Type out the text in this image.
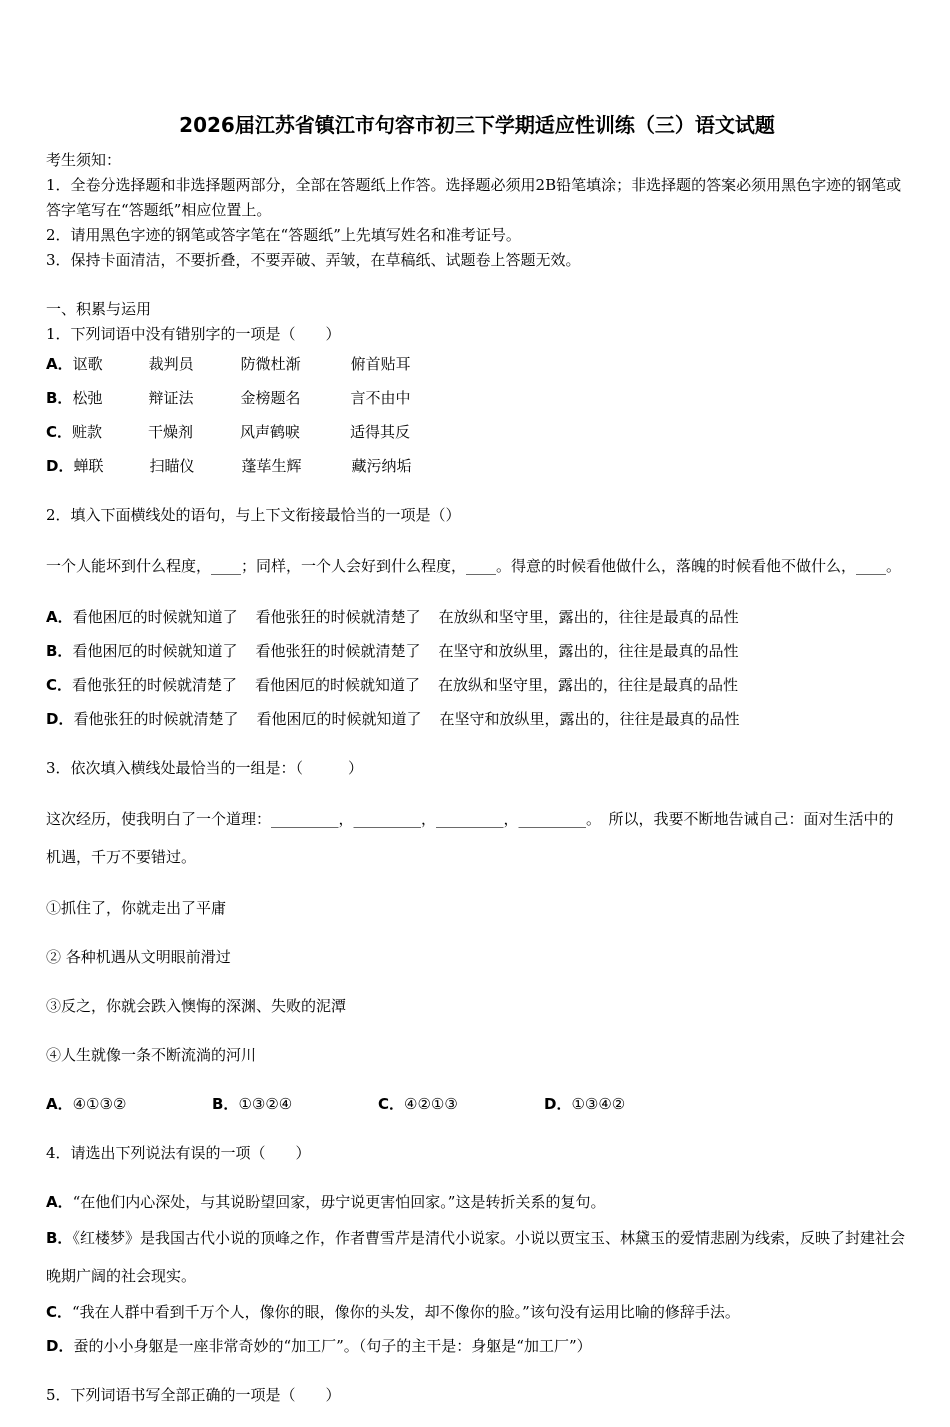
2026届江苏省镇江市句容市初三下学期适应性训练（三）语文试题

考生须知：

1．全卷分选择题和非选择题两部分，全部在答题纸上作答。选择题必须用2B铅笔填涂；非选择题的答案必须用黑色字迹的钢笔或答字笔写在“答题纸”相应位置上。

2．请用黑色字迹的钢笔或答字笔在“答题纸”上先填写姓名和准考证号。

3．保持卡面清洁，不要折叠，不要弄破、弄皱，在草稿纸、试题卷上答题无效。

一、积累与运用

1．下列词语中没有错别字的一项是（　　）

A．讴歌	裁判员	防微杜渐	俯首贴耳
B．松弛	辩证法	金榜题名	言不由中
C．赃款	干燥剂	风声鹤唳	适得其反
D．蝉联	扫瞄仪	蓬荜生辉	藏污纳垢

2．填入下面横线处的语句，与上下文衔接最恰当的一项是（）

一个人能坏到什么程度，____；同样，一个人会好到什么程度，____。得意的时候看他做什么，落魄的时候看他不做什么，____。

A．看他困厄的时候就知道了 看他张狂的时候就清楚了 在放纵和坚守里，露出的，往往是最真的品性
B．看他困厄的时候就知道了 看他张狂的时候就清楚了 在坚守和放纵里，露出的，往往是最真的品性
C．看他张狂的时候就清楚了 看他困厄的时候就知道了 在放纵和坚守里，露出的，往往是最真的品性
D．看他张狂的时候就清楚了 看他困厄的时候就知道了 在坚守和放纵里，露出的，往往是最真的品性

3．依次填入横线处最恰当的一组是：（　　　）

这次经历，使我明白了一个道理：_________，_________，_________，_________。　所以，我要不断地告诫自己：面对生活中的机遇，千万不要错过。

①抓住了，你就走出了平庸

② 各种机遇从文明眼前滑过

③反之，你就会跌入懊悔的深渊、失败的泥潭

④人生就像一条不断流淌的河川

A．④①③②	B．①③②④	C．④②①③	D．①③④②

4．请选出下列说法有误的一项（　　）

A．“在他们内心深处，与其说盼望回家，毋宁说更害怕回家。”这是转折关系的复句。
B．《红楼梦》是我国古代小说的顶峰之作，作者曹雪芹是清代小说家。小说以贾宝玉、林黛玉的爱情悲剧为线索，反映了封建社会晚期广阔的社会现实。
C．“我在人群中看到千万个人，像你的眼，像你的头发，却不像你的脸。”该句没有运用比喻的修辞手法。
D．蚕的小小身躯是一座非常奇妙的“加工厂”。（句子的主干是：身躯是“加工厂”）

5．下列词语书写全部正确的一项是（　　）
